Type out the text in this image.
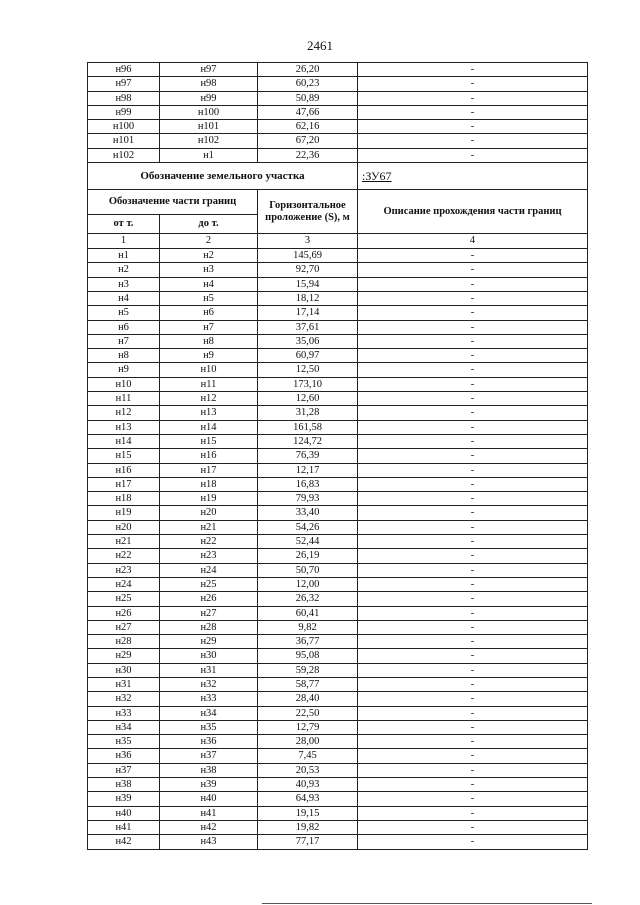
2461
н96	н97	26,20	-
н97	н98	60,23	-
н98	н99	50,89	-
н99	н100	47,66	-
н100	н101	62,16	-
н101	н102	67,20	-
н102	н1	22,36	-
Обозначение земельного участка			:ЗУ67
Обозначение части границ		Горизонтальное проложение (S), м	Описание прохождения части границ
от т.	до т.		
1	2	3	4
н1	н2	145,69	-
н2	н3	92,70	-
н3	н4	15,94	-
н4	н5	18,12	-
н5	н6	17,14	-
н6	н7	37,61	-
н7	н8	35,06	-
н8	н9	60,97	-
н9	н10	12,50	-
н10	н11	173,10	-
н11	н12	12,60	-
н12	н13	31,28	-
н13	н14	161,58	-
н14	н15	124,72	-
н15	н16	76,39	-
н16	н17	12,17	-
н17	н18	16,83	-
н18	н19	79,93	-
н19	н20	33,40	-
н20	н21	54,26	-
н21	н22	52,44	-
н22	н23	26,19	-
н23	н24	50,70	-
н24	н25	12,00	-
н25	н26	26,32	-
н26	н27	60,41	-
н27	н28	9,82	-
н28	н29	36,77	-
н29	н30	95,08	-
н30	н31	59,28	-
н31	н32	58,77	-
н32	н33	28,40	-
н33	н34	22,50	-
н34	н35	12,79	-
н35	н36	28,00	-
н36	н37	7,45	-
н37	н38	20,53	-
н38	н39	40,93	-
н39	н40	64,93	-
н40	н41	19,15	-
н41	н42	19,82	-
н42	н43	77,17	-
